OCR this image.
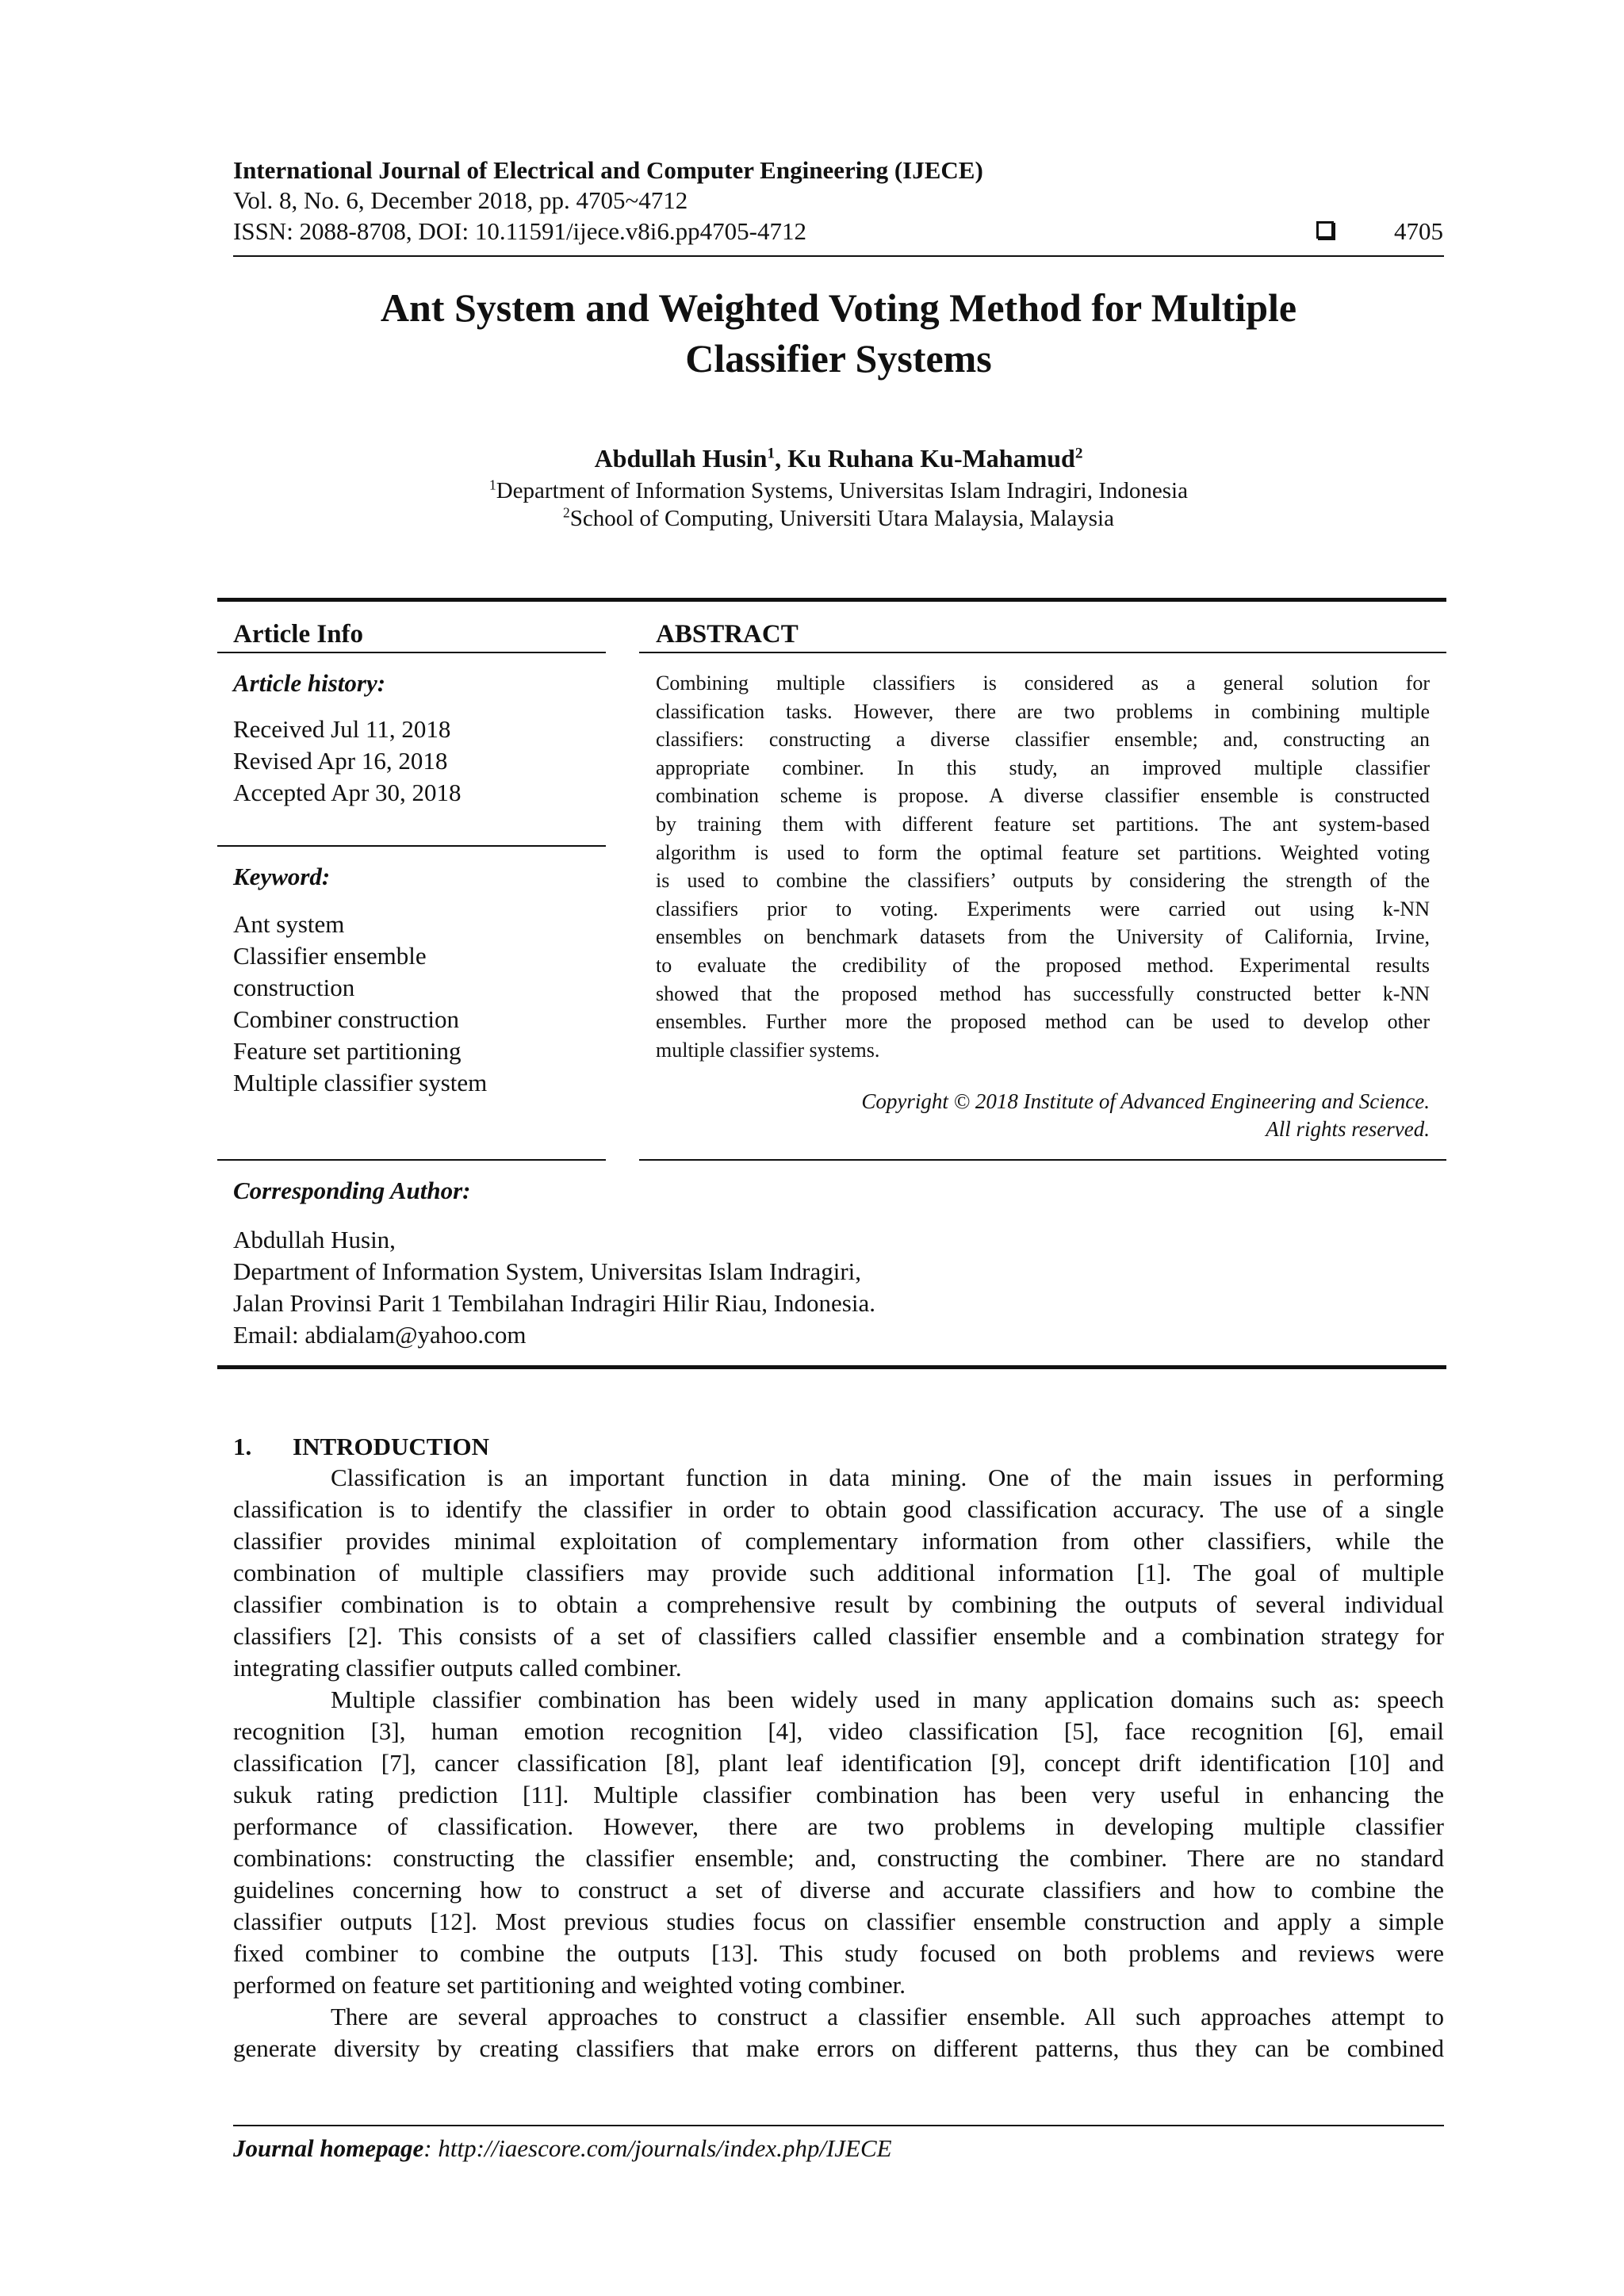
International Journal of Electrical and Computer Engineering (IJECE)
Vol. 8, No. 6, December 2018, pp. 4705~4712
ISSN: 2088-8708, DOI: 10.11591/ijece.v8i6.pp4705-4712	4705
Ant System and Weighted Voting Method for Multiple
Classifier Systems
Abdullah Husin$^1$, Ku Ruhana Ku-Mahamud$^2$
$^1$Department of Information Systems, Universitas Islam Indragiri, Indonesia
$^2$School of Computing, Universiti Utara Malaysia, Malaysia
Article Info	ABSTRACT
Article history:
Received Jul 11, 2018
Revised Apr 16, 2018
Accepted Apr 30, 2018
Keyword:
Ant system
Classifier ensemble
construction
Combiner construction
Feature set partitioning
Multiple classifier system
Combining multiple classifiers is considered as a general solution for
classification tasks. However, there are two problems in combining multiple
classifiers: constructing a diverse classifier ensemble; and, constructing an
appropriate combiner. In this study, an improved multiple classifier
combination scheme is propose. A diverse classifier ensemble is constructed
by training them with different feature set partitions. The ant system-based
algorithm is used to form the optimal feature set partitions. Weighted voting
is used to combine the classifiers’ outputs by considering the strength of the
classifiers prior to voting. Experiments were carried out using k-NN
ensembles on benchmark datasets from the University of California, Irvine,
to evaluate the credibility of the proposed method. Experimental results
showed that the proposed method has successfully constructed better k-NN
ensembles. Further more the proposed method can be used to develop other
multiple classifier systems.
Copyright © 2018 Institute of Advanced Engineering and Science.
All rights reserved.
Corresponding Author:
Abdullah Husin,
Department of Information System, Universitas Islam Indragiri,
Jalan Provinsi Parit 1 Tembilahan Indragiri Hilir Riau, Indonesia.
Email: abdialam@yahoo.com
1. INTRODUCTION
Classification is an important function in data mining. One of the main issues in performing
classification is to identify the classifier in order to obtain good classification accuracy. The use of a single
classifier provides minimal exploitation of complementary information from other classifiers, while the
combination of multiple classifiers may provide such additional information [1]. The goal of multiple
classifier combination is to obtain a comprehensive result by combining the outputs of several individual
classifiers [2]. This consists of a set of classifiers called classifier ensemble and a combination strategy for
integrating classifier outputs called combiner.
Multiple classifier combination has been widely used in many application domains such as: speech
recognition [3], human emotion recognition [4], video classification [5], face recognition [6], email
classification [7], cancer classification [8], plant leaf identification [9], concept drift identification [10] and
sukuk rating prediction [11]. Multiple classifier combination has been very useful in enhancing the
performance of classification. However, there are two problems in developing multiple classifier
combinations: constructing the classifier ensemble; and, constructing the combiner. There are no standard
guidelines concerning how to construct a set of diverse and accurate classifiers and how to combine the
classifier outputs [12]. Most previous studies focus on classifier ensemble construction and apply a simple
fixed combiner to combine the outputs [13]. This study focused on both problems and reviews were
performed on feature set partitioning and weighted voting combiner.
There are several approaches to construct a classifier ensemble. All such approaches attempt to
generate diversity by creating classifiers that make errors on different patterns, thus they can be combined
Journal homepage: http://iaescore.com/journals/index.php/IJECE
